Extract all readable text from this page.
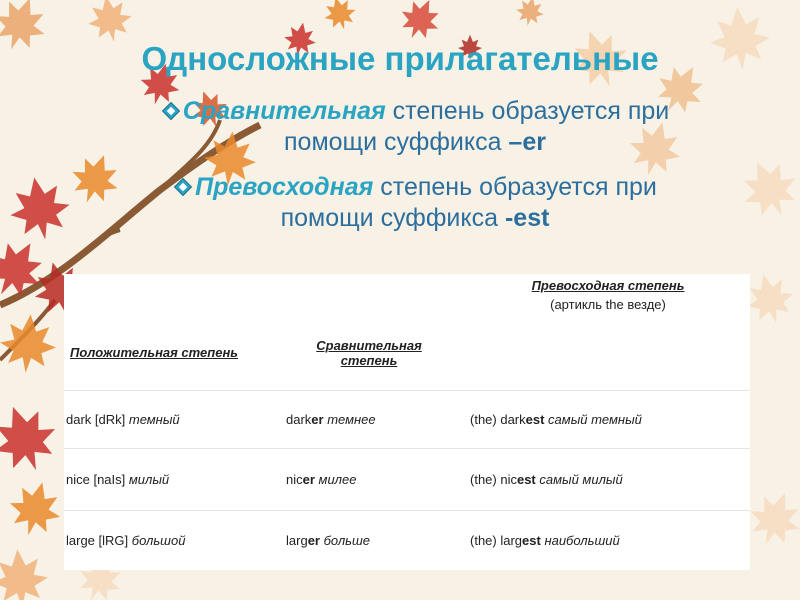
Односложные прилагательные
Сравнительная степень образуется при
помощи суффикса –er
Превосходная степень образуется при
помощи суффикса -est
Положительная степень	Сравнительная степень	Превосходная степень
(артикль the везде)

dark [dRk] темный	darker темнее	(the) darkest самый темный
nice [naIs] милый	nicer милее	(the) nicest самый милый
large [lRG] большой	larger больше	(the) largest наибольший
